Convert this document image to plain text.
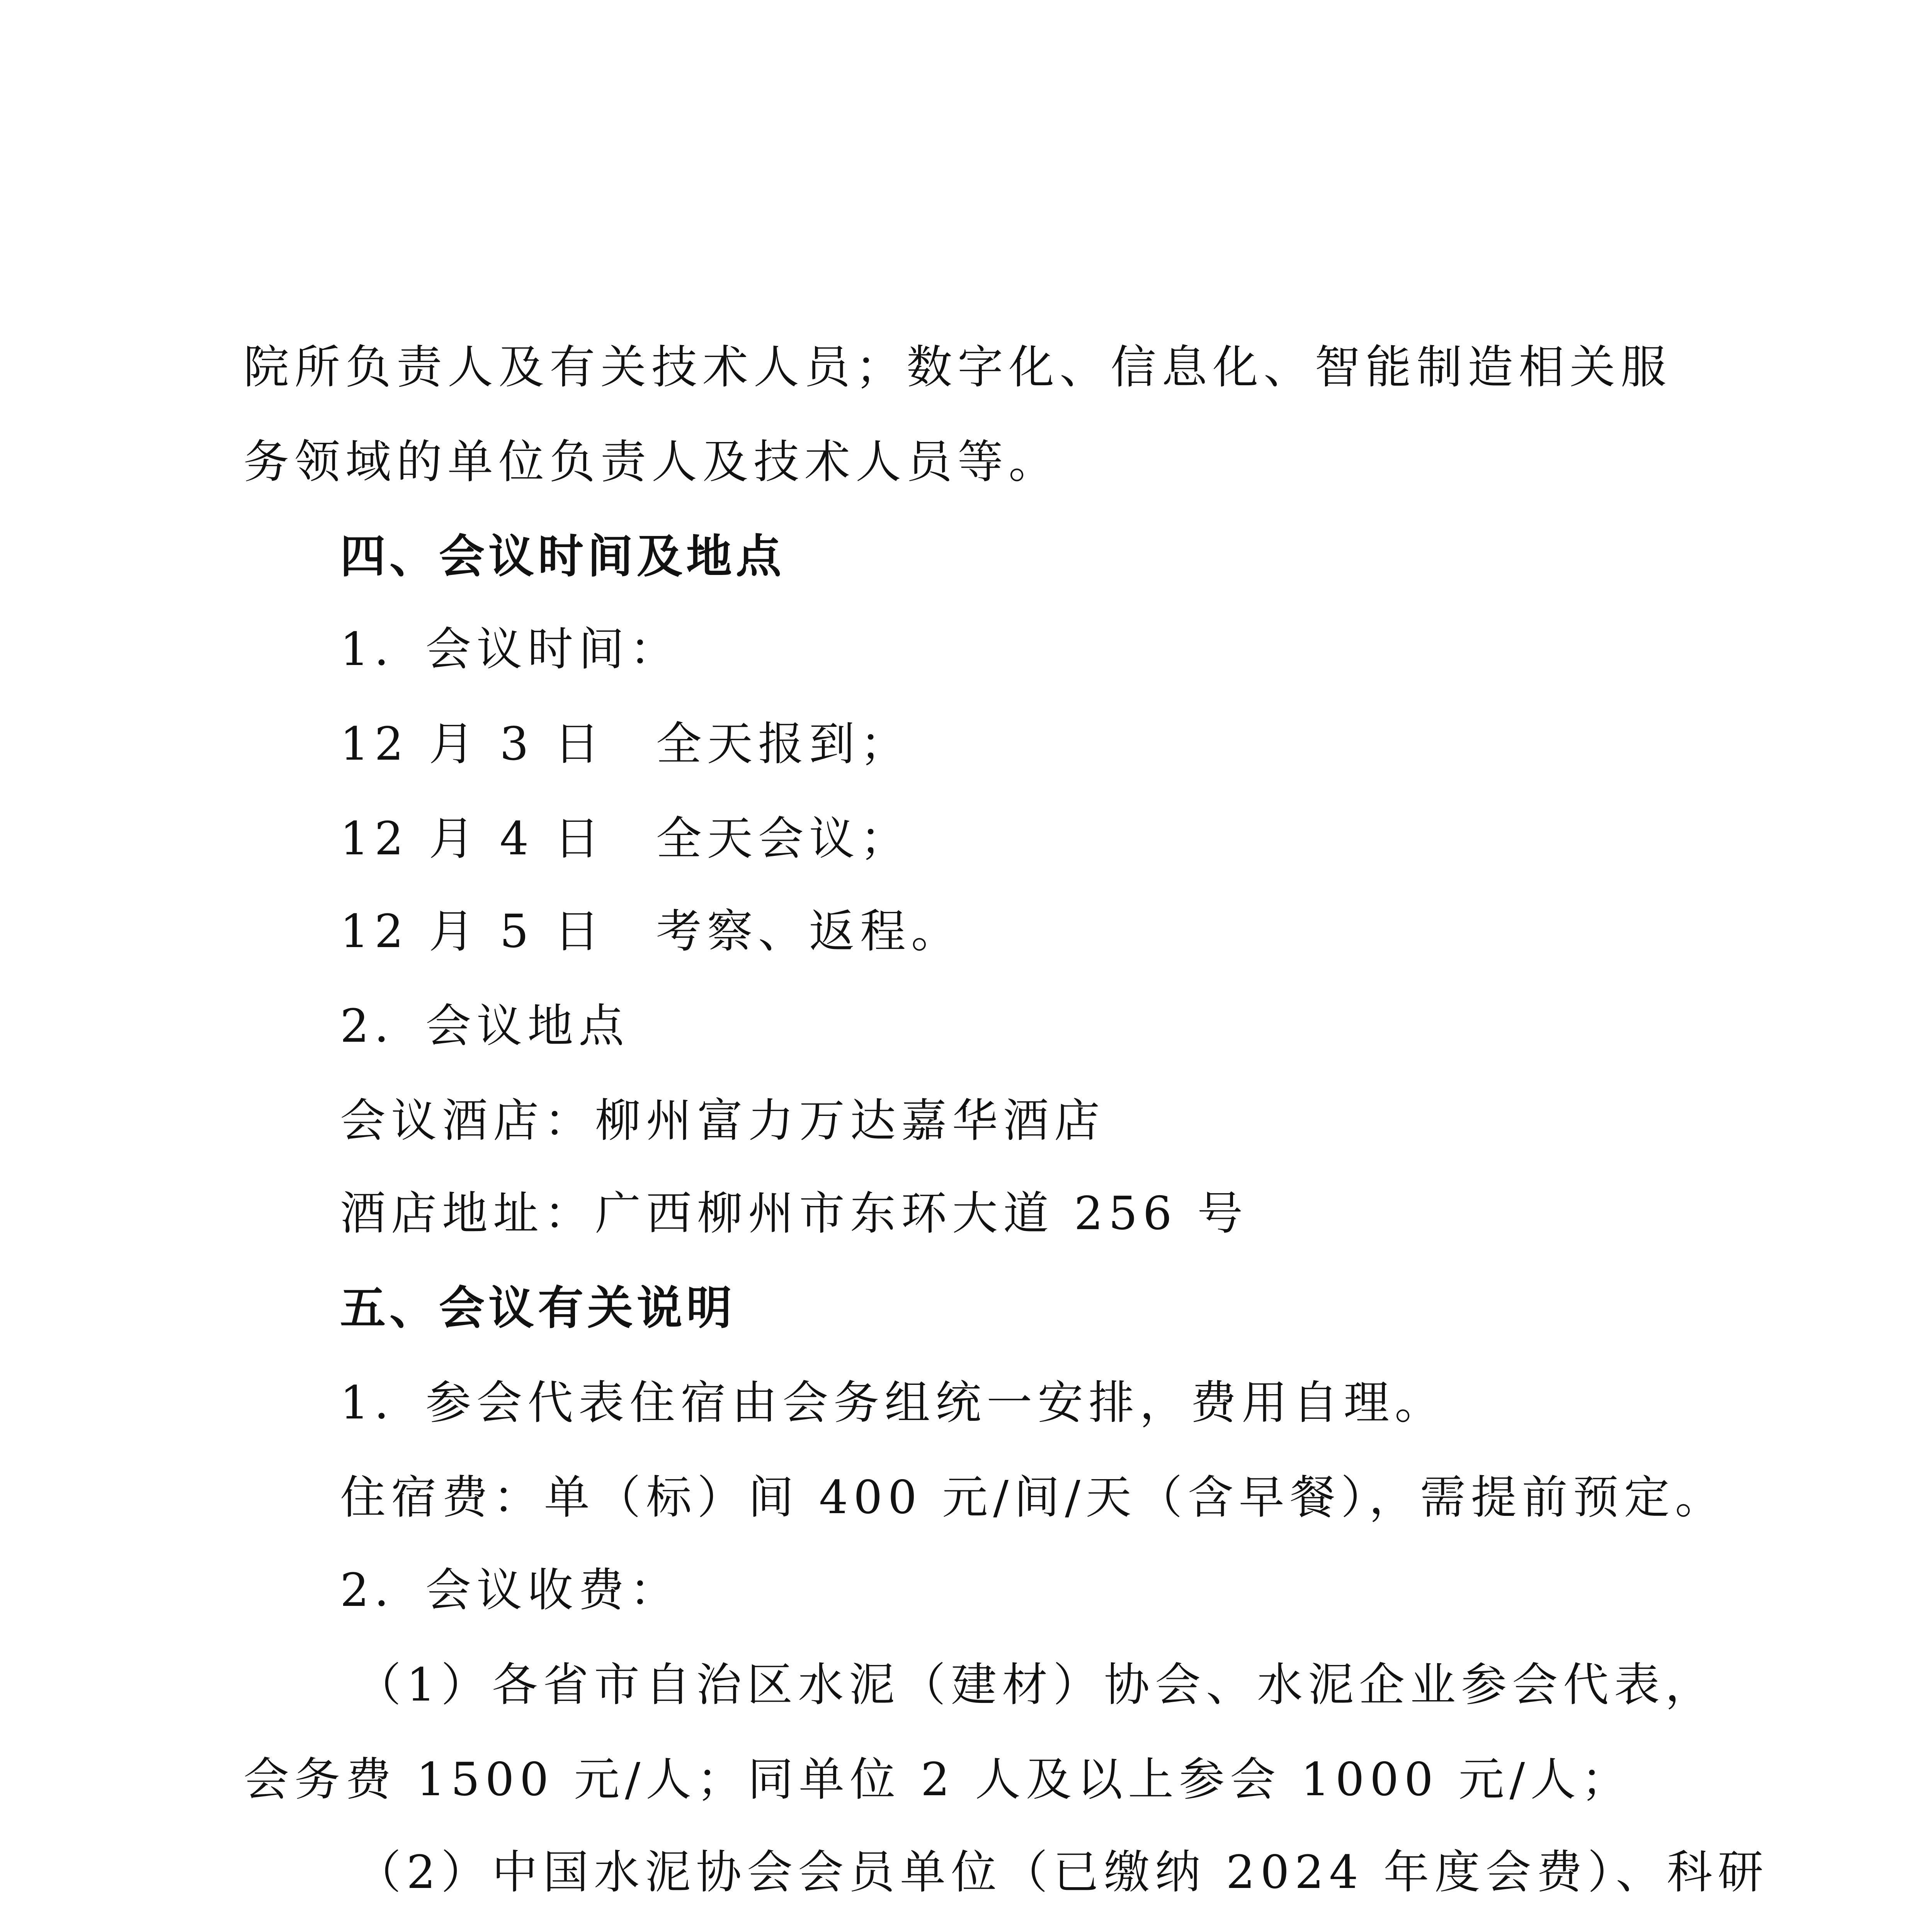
院所负责人及有关技术人员；数字化、信息化、智能制造相关服
务领域的单位负责人及技术人员等。
四、会议时间及地点
1．会议时间：
12 月 3 日　全天报到；
12 月 4 日　全天会议；
12 月 5 日　考察、返程。
2．会议地点
会议酒店：柳州富力万达嘉华酒店
酒店地址：广西柳州市东环大道 256 号
五、会议有关说明
1．参会代表住宿由会务组统一安排，费用自理。
住宿费：单（标）间 400 元/间/天（含早餐），需提前预定。
2．会议收费：
（1）各省市自治区水泥（建材）协会、水泥企业参会代表，
会务费 1500 元/人；同单位 2 人及以上参会 1000 元/人；
（2）中国水泥协会会员单位（已缴纳 2024 年度会费）、科研
